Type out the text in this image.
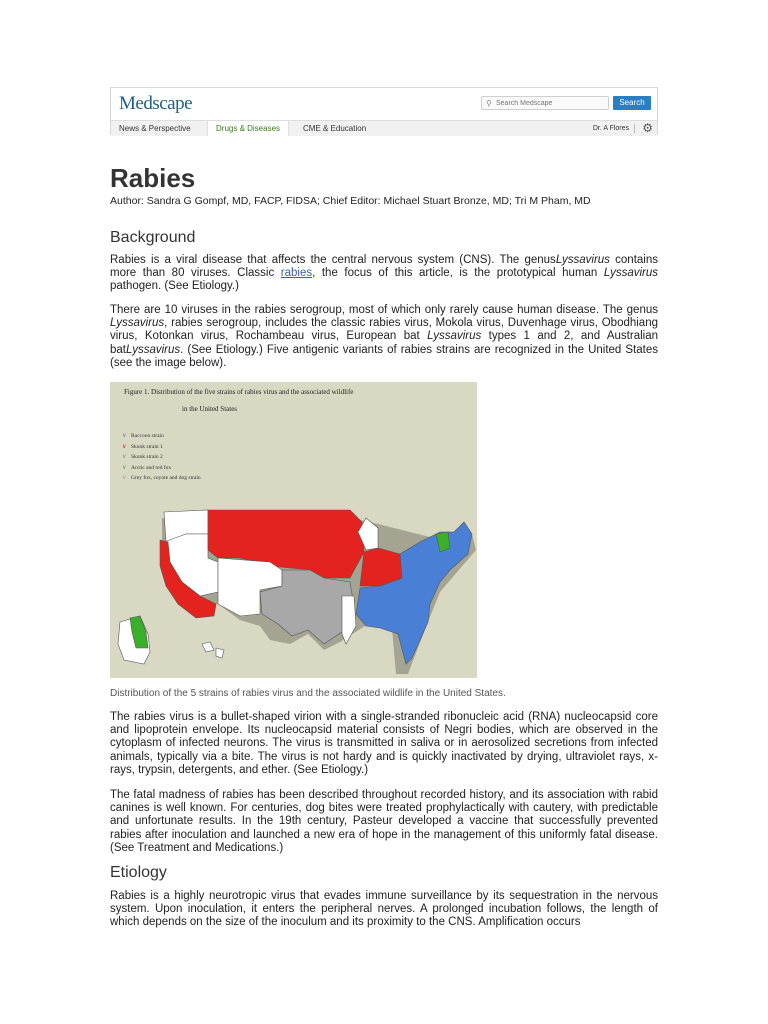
Medscape	⚲
Search Medscape	Search
News & Perspective	Drugs & Diseases	CME & Education	Dr. A Flores ⚙
Rabies
Author: Sandra G Gompf, MD, FACP, FIDSA; Chief Editor: Michael Stuart Bronze, MD; Tri M Pham, MD
Background

Rabies is a viral disease that affects the central nervous system (CNS). The genusLyssavirus contains more than 80 viruses. Classic rabies, the focus of this article, is the prototypical human Lyssavirus pathogen. (See Etiology.)

There are 10 viruses in the rabies serogroup, most of which only rarely cause human disease. The genus Lyssavirus, rabies serogroup, includes the classic rabies virus, Mokola virus, Duvenhage virus, Obodhiang virus, Kotonkan virus, Rochambeau virus, European bat Lyssavirus types 1 and 2, and Australian batLyssavirus. (See Etiology.) Five antigenic variants of rabies strains are recognized in the United States (see the image below).

Figure 1. Distribution of the five strains of rabies virus and the associated wildlife
in the United States
∨ Raccoon strain
∨ Skunk strain 1
∨ Skunk strain 2
∨ Arctic and red fox
∨ Grey fox, coyote and dog strain
Distribution of the 5 strains of rabies virus and the associated wildlife in the United States.

The rabies virus is a bullet-shaped virion with a single-stranded ribonucleic acid (RNA) nucleocapsid core and lipoprotein envelope. Its nucleocapsid material consists of Negri bodies, which are observed in the cytoplasm of infected neurons. The virus is transmitted in saliva or in aerosolized secretions from infected animals, typically via a bite. The virus is not hardy and is quickly inactivated by drying, ultraviolet rays, x-rays, trypsin, detergents, and ether. (See Etiology.)

The fatal madness of rabies has been described throughout recorded history, and its association with rabid canines is well known. For centuries, dog bites were treated prophylactically with cautery, with predictable and unfortunate results. In the 19th century, Pasteur developed a vaccine that successfully prevented rabies after inoculation and launched a new era of hope in the management of this uniformly fatal disease. (See Treatment and Medications.)

Etiology

Rabies is a highly neurotropic virus that evades immune surveillance by its sequestration in the nervous system. Upon inoculation, it enters the peripheral nerves. A prolonged incubation follows, the length of which depends on the size of the inoculum and its proximity to the CNS. Amplification occurs
